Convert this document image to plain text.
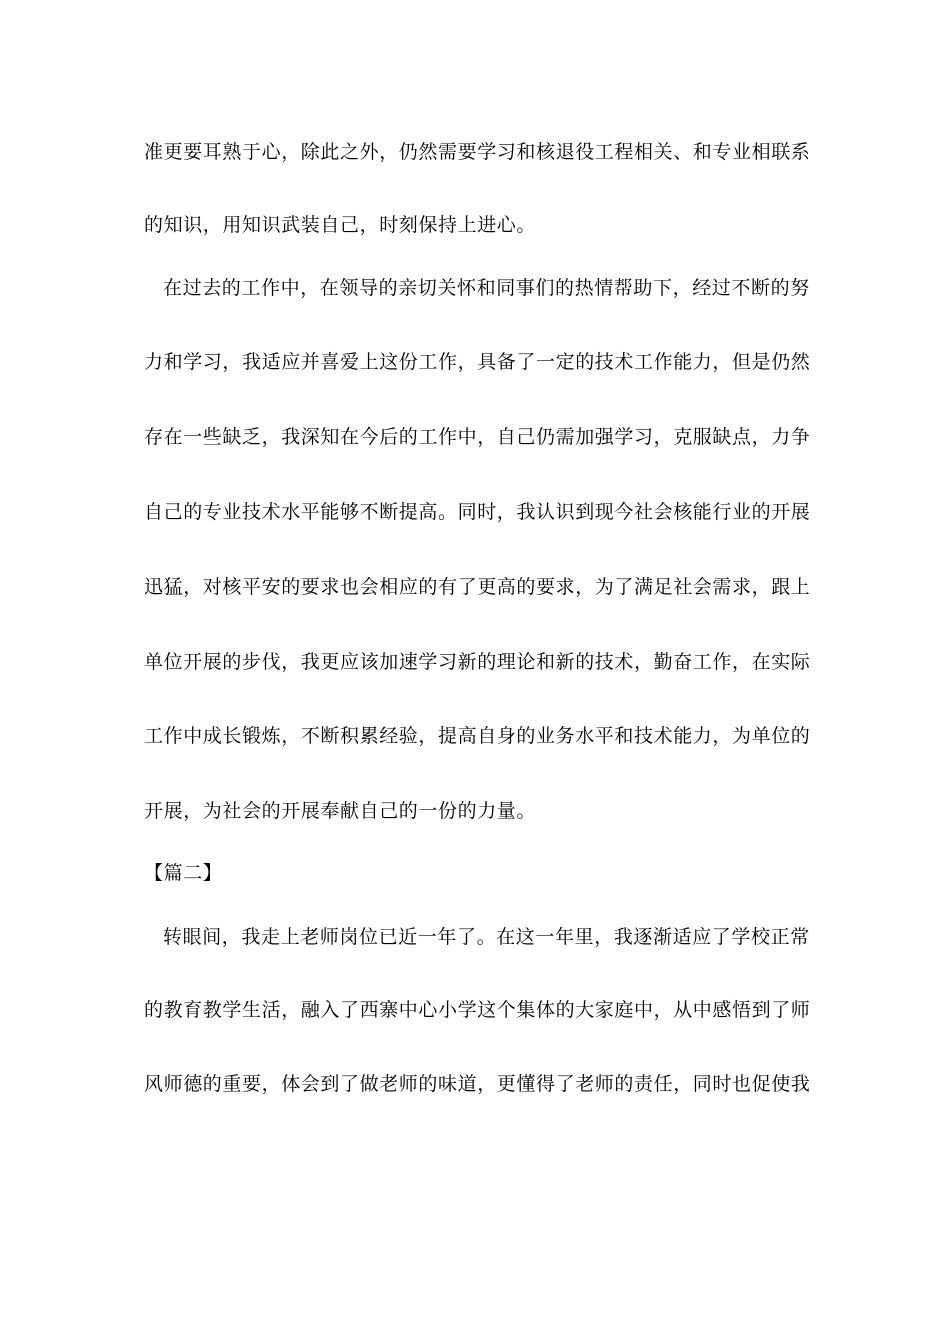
准更要耳熟于心，除此之外，仍然需要学习和核退役工程相关、和专业相联系
的知识，用知识武装自己，时刻保持上进心。
在过去的工作中，在领导的亲切关怀和同事们的热情帮助下，经过不断的努
力和学习，我适应并喜爱上这份工作，具备了一定的技术工作能力，但是仍然
存在一些缺乏，我深知在今后的工作中，自己仍需加强学习，克服缺点，力争
自己的专业技术水平能够不断提高。同时，我认识到现今社会核能行业的开展
迅猛，对核平安的要求也会相应的有了更高的要求，为了满足社会需求，跟上
单位开展的步伐，我更应该加速学习新的理论和新的技术，勤奋工作，在实际
工作中成长锻炼，不断积累经验，提高自身的业务水平和技术能力，为单位的
开展，为社会的开展奉献自己的一份的力量。
【篇二】
转眼间，我走上老师岗位已近一年了。在这一年里，我逐渐适应了学校正常
的教育教学生活，融入了西寨中心小学这个集体的大家庭中，从中感悟到了师
风师德的重要，体会到了做老师的味道，更懂得了老师的责任，同时也促使我
